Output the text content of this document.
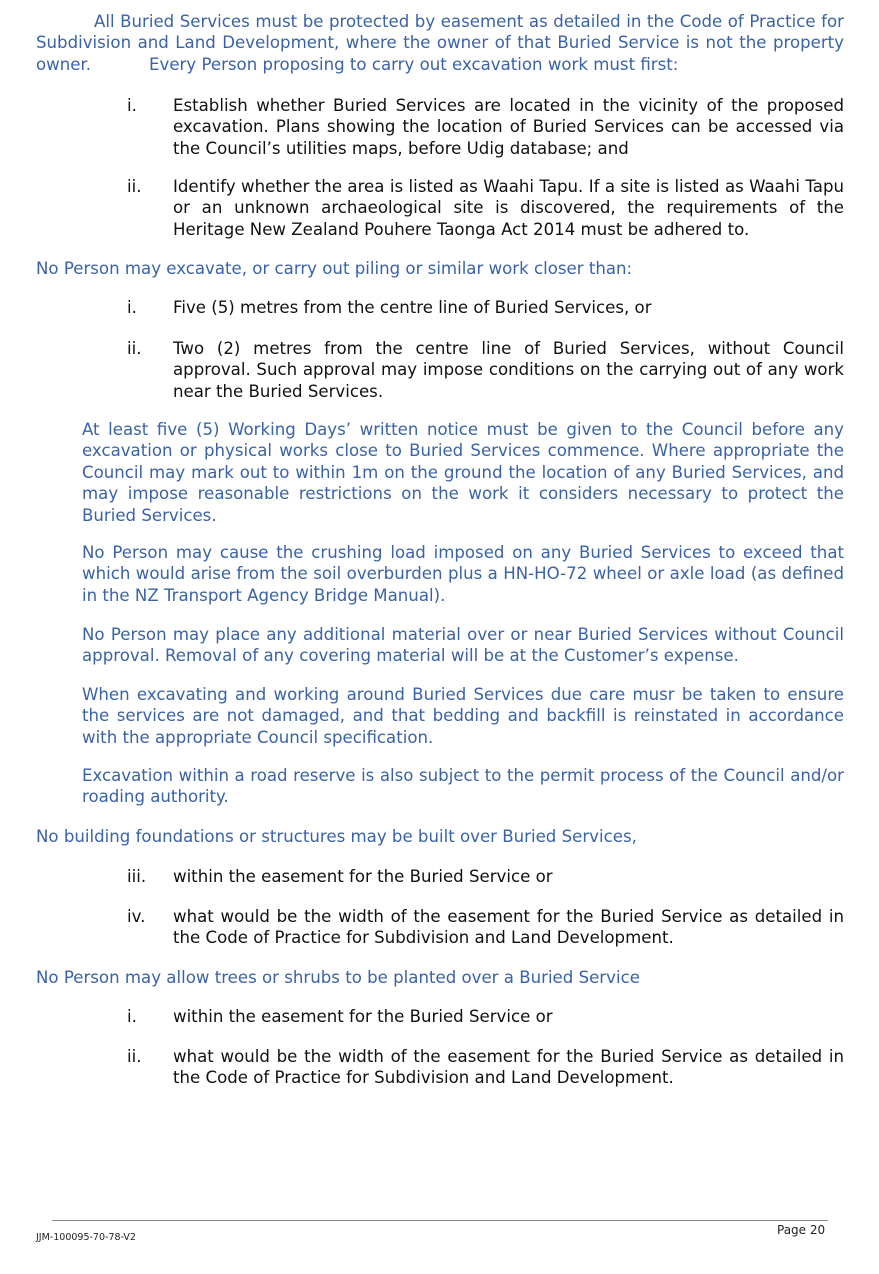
All Buried Services must be protected by easement as detailed in the Code of Practice for Subdivision and Land Development, where the owner of that Buried Service is not the property owner.	Every Person proposing to carry out excavation work must first:

i.	Establish whether Buried Services are located in the vicinity of the proposed excavation. Plans showing the location of Buried Services can be accessed via the Council’s utilities maps, before Udig database; and
ii.	Identify whether the area is listed as Waahi Tapu. If a site is listed as Waahi Tapu or an unknown archaeological site is discovered, the requirements of the Heritage New Zealand Pouhere Taonga Act 2014 must be adhered to.

No Person may excavate, or carry out piling or similar work closer than:

i.	Five (5) metres from the centre line of Buried Services, or
ii.	Two (2) metres from the centre line of Buried Services, without Council approval. Such approval may impose conditions on the carrying out of any work near the Buried Services.

At least five (5) Working Days’ written notice must be given to the Council before any excavation or physical works close to Buried Services commence. Where appropriate the Council may mark out to within 1m on the ground the location of any Buried Services, and may impose reasonable restrictions on the work it considers necessary to protect the Buried Services.

No Person may cause the crushing load imposed on any Buried Services to exceed that which would arise from the soil overburden plus a HN-HO-72 wheel or axle load (as defined in the NZ Transport Agency Bridge Manual).

No Person may place any additional material over or near Buried Services without Council approval. Removal of any covering material will be at the Customer’s expense.

When excavating and working around Buried Services due care musr be taken to ensure the services are not damaged, and that bedding and backfill is reinstated in accordance with the appropriate Council specification.

Excavation within a road reserve is also subject to the permit process of the Council and/or roading authority.

No building foundations or structures may be built over Buried Services,

iii.	within the easement for the Buried Service or
iv.	what would be the width of the easement for the Buried Service as detailed in the Code of Practice for Subdivision and Land Development.

No Person may allow trees or shrubs to be planted over a Buried Service

i.	within the easement for the Buried Service or
ii.	what would be the width of the easement for the Buried Service as detailed in the Code of Practice for Subdivision and Land Development.
JJM-100095-70-78-V2
Page 20
